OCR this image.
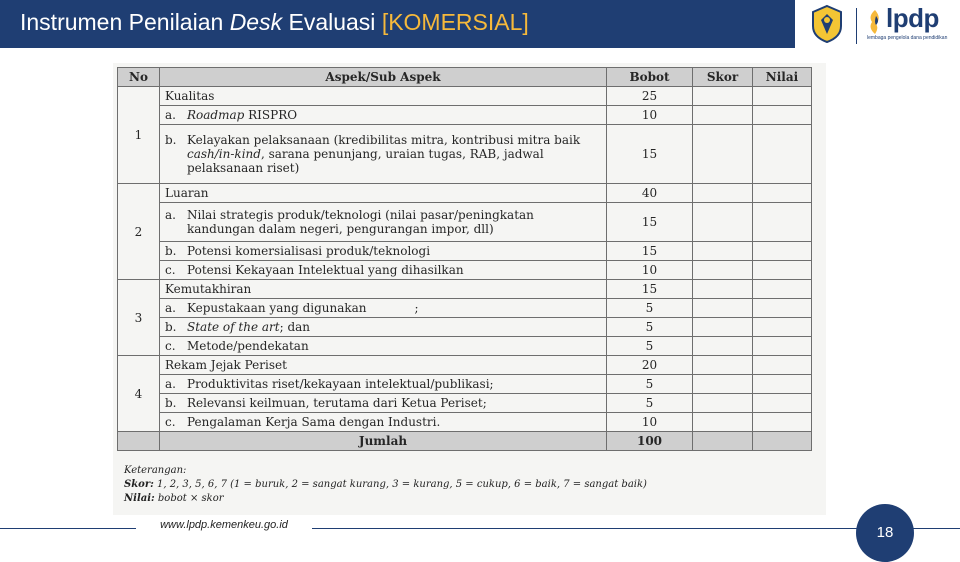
Instrumen Penilaian Desk Evaluasi [KOMERSIAL]	lpdp
lembaga pengelola dana pendidikan
No	Aspek/Sub Aspek	Bobot	Skor	Nilai
1	Kualitas	25		

	a. Roadmap RISPRO	10		

	b. Kelayakan pelaksanaan (kredibilitas mitra, kontribusi mitra baik cash/in-kind, sarana penunjang, uraian tugas, RAB, jadwal pelaksanaan riset)	15		
2	Luaran	40		

	a. Nilai strategis produk/teknologi (nilai pasar/peningkatan kandungan dalam negeri, pengurangan impor, dll)	15		

	b. Potensi komersialisasi produk/teknologi	15		

	c. Potensi Kekayaan Intelektual yang dihasilkan	10		
3	Kemutakhiran	15		

	a. Kepustakaan yang digunakan ;	5		

	b. State of the art; dan	5		

	c. Metode/pendekatan	5		
4	Rekam Jejak Periset	20		

	a. Produktivitas riset/kekayaan intelektual/publikasi;	5		

	b. Relevansi keilmuan, terutama dari Ketua Periset;	5		

	c. Pengalaman Kerja Sama dengan Industri.	10		
	Jumlah	100		
Keterangan:
Skor: 1, 2, 3, 5, 6, 7 (1 = buruk, 2 = sangat kurang, 3 = kurang, 5 = cukup, 6 = baik, 7 = sangat baik)
Nilai: bobot × skor
www.lpdp.kemenkeu.go.id	18
